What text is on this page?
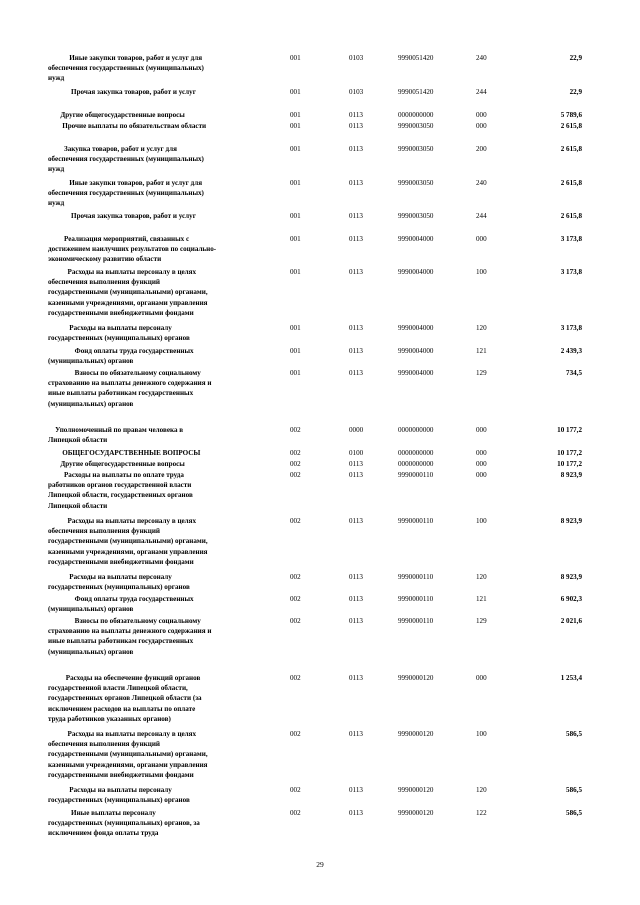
Иные закупки товаров, работ и услуг для
обеспечения государственных (муниципальных)
нужд
001	0103	9990051420	240	22,9
Прочая закупка товаров, работ и услуг	001	0103	9990051420	244	22,9
Другие общегосударственные вопросы	001	0113	0000000000	000	5 789,6
Прочие выплаты по обязательствам области	001	0113	9990003050	000	2 615,8
Закупка товаров, работ и услуг для
обеспечения государственных (муниципальных)
нужд
001	0113	9990003050	200	2 615,8
Иные закупки товаров, работ и услуг для
обеспечения государственных (муниципальных)
нужд
001	0113	9990003050	240	2 615,8
Прочая закупка товаров, работ и услуг	001	0113	9990003050	244	2 615,8
Реализация мероприятий, связанных с
достижением наилучших результатов по социально-
экономическому развитию области
001	0113	9990004000	000	3 173,8
Расходы на выплаты персоналу в целях
обеспечения выполнения функций
государственными (муниципальными) органами,
казенными учреждениями, органами управления
государственными внебюджетными фондами
001	0113	9990004000	100	3 173,8
Расходы на выплаты персоналу
государственных (муниципальных) органов
001	0113	9990004000	120	3 173,8
Фонд оплаты труда государственных
(муниципальных) органов
001	0113	9990004000	121	2 439,3
Взносы по обязательному социальному
страхованию на выплаты денежного содержания и
иные выплаты работникам государственных
(муниципальных) органов
001	0113	9990004000	129	734,5
Уполномоченный по правам человека в
Липецкой области
002	0000	0000000000	000	10 177,2
ОБЩЕГОСУДАРСТВЕННЫЕ ВОПРОСЫ	002	0100	0000000000	000	10 177,2
Другие общегосударственные вопросы	002	0113	0000000000	000	10 177,2
Расходы на выплаты по оплате труда
работников органов государственной власти
Липецкой области, государственных органов
Липецкой области
002	0113	9990000110	000	8 923,9
Расходы на выплаты персоналу в целях
обеспечения выполнения функций
государственными (муниципальными) органами,
казенными учреждениями, органами управления
государственными внебюджетными фондами
002	0113	9990000110	100	8 923,9
Расходы на выплаты персоналу
государственных (муниципальных) органов
002	0113	9990000110	120	8 923,9
Фонд оплаты труда государственных
(муниципальных) органов
002	0113	9990000110	121	6 902,3
Взносы по обязательному социальному
страхованию на выплаты денежного содержания и
иные выплаты работникам государственных
(муниципальных) органов
002	0113	9990000110	129	2 021,6
Расходы на обеспечение функций органов
государственной власти Липецкой области,
государственных органов Липецкой области (за
исключением расходов на выплаты по оплате
труда работников указанных органов)
002	0113	9990000120	000	1 253,4
Расходы на выплаты персоналу в целях
обеспечения выполнения функций
государственными (муниципальными) органами,
казенными учреждениями, органами управления
государственными внебюджетными фондами
002	0113	9990000120	100	586,5
Расходы на выплаты персоналу
государственных (муниципальных) органов
002	0113	9990000120	120	586,5
Иные выплаты персоналу
государственных (муниципальных) органов, за
исключением фонда оплаты труда
002	0113	9990000120	122	586,5
29
